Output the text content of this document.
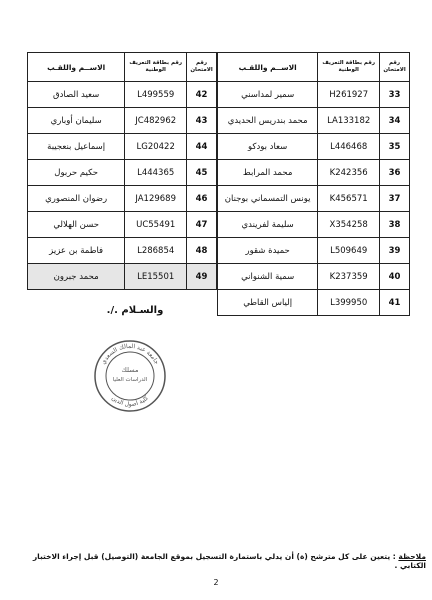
رقم الامتحان	رقم بطاقة التعريف الوطنية	الاســم واللقـب
33	H261927	سمير لمداسني
34	LA133182	محمد بندريس الحديدي
35	L446468	سعاد بودكو
36	K242356	محمد المرابط
37	K456571	يونس التمسماني بوجنان
38	X354258	سليمة لفريندي
39	L509649	حميدة شقور
40	K237359	سمية الشنواني
41	L399950	إلياس القاطي
رقم الامتحان	رقم بطاقة التعريف الوطنية	الاســم واللقـب
42	L499559	سعيد الصادق
43	JC482962	سليمان أوباري
44	LG20422	إسماعيل بنعجيبة
45	L444365	حكيم حربول
46	JA129689	رضوان المنصوري
47	UC55491	حسن الهلالي
48	L286854	فاطمة بن عزيز
49	LE15501	محمد جبرون
والسـلام ./.
جامعة عبد المالك السعدي
مسلك
الدراسات العليا
كلية أصول الدين
ملاحظة : يتعين على كل مترشح (ة) أن يدلي باستمارة التسجيل بموقع الجامعة (التوصيل) قبل إجراء الاختبار الكتابي .
2
